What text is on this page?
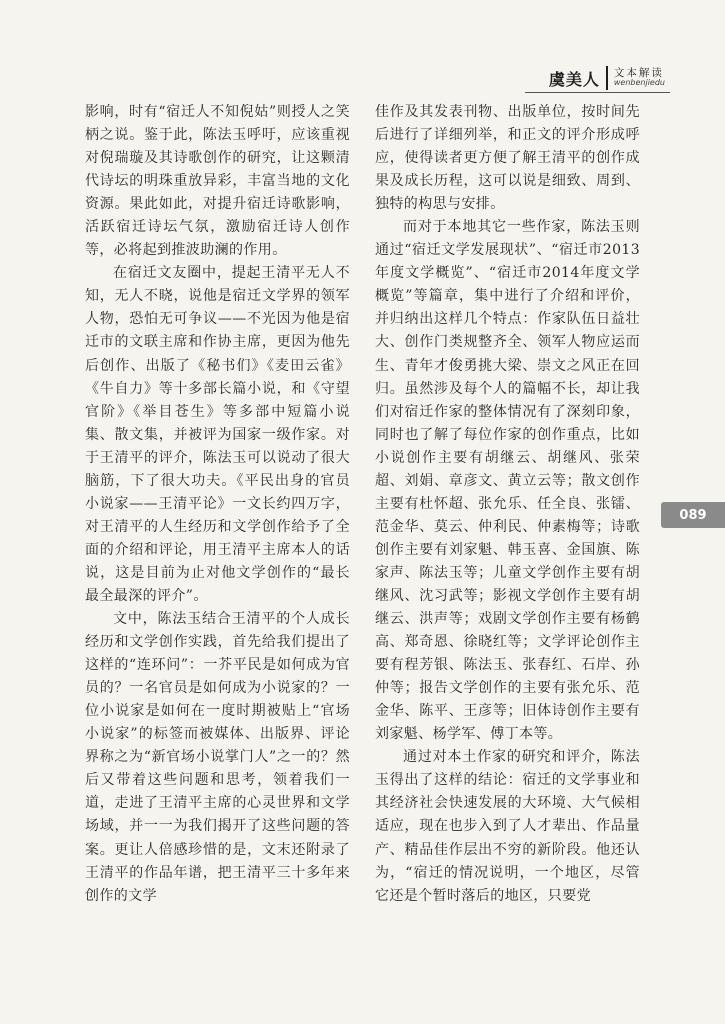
虞美人 文本解读
wenbenjiedu

影响，时有“宿迁人不知倪姑”则授人之笑柄之说。鉴于此，陈法玉呼吁，应该重视对倪瑞璇及其诗歌创作的研究，让这颗清代诗坛的明珠重放异彩，丰富当地的文化资源。果此如此，对提升宿迁诗歌影响，活跃宿迁诗坛气氛，激励宿迁诗人创作等，必将起到推波助澜的作用。

在宿迁文友圈中，提起王清平无人不知，无人不晓，说他是宿迁文学界的领军人物，恐怕无可争议——不光因为他是宿迁市的文联主席和作协主席，更因为他先后创作、出版了《秘书们》《麦田云雀》《牛自力》等十多部长篇小说，和《守望官阶》《举目苍生》等多部中短篇小说集、散文集，并被评为国家一级作家。对于王清平的评介，陈法玉可以说动了很大脑筋，下了很大功夫。《平民出身的官员小说家——王清平论》一文长约四万字，对王清平的人生经历和文学创作给予了全面的介绍和评论，用王清平主席本人的话说，这是目前为止对他文学创作的“最长最全最深的评介”。

文中，陈法玉结合王清平的个人成长经历和文学创作实践，首先给我们提出了这样的“连环问”：一芥平民是如何成为官员的？一名官员是如何成为小说家的？一位小说家是如何在一度时期被贴上“官场小说家”的标签而被媒体、出版界、评论界称之为“新官场小说掌门人”之一的？然后又带着这些问题和思考，领着我们一道，走进了王清平主席的心灵世界和文学场域，并一一为我们揭开了这些问题的答案。更让人倍感珍惜的是，文末还附录了王清平的作品年谱，把王清平三十多年来创作的文学

佳作及其发表刊物、出版单位，按时间先后进行了详细列举，和正文的评介形成呼应，使得读者更方便了解王清平的创作成果及成长历程，这可以说是细致、周到、独特的构思与安排。

而对于本地其它一些作家，陈法玉则通过“宿迁文学发展现状”、“宿迁市2013年度文学概览”、“宿迁市2014年度文学概览”等篇章，集中进行了介绍和评价，并归纳出这样几个特点：作家队伍日益壮大、创作门类规整齐全、领军人物应运而生、青年才俊勇挑大梁、崇文之风正在回归。虽然涉及每个人的篇幅不长，却让我们对宿迁作家的整体情况有了深刻印象，同时也了解了每位作家的创作重点，比如小说创作主要有胡继云、胡继风、张荣超、刘娟、章彦文、黄立云等；散文创作主要有杜怀超、张允乐、任全良、张镭、范金华、莫云、仲利民、仲素梅等；诗歌创作主要有刘家魁、韩玉喜、金国旗、陈家声、陈法玉等；儿童文学创作主要有胡继风、沈习武等；影视文学创作主要有胡继云、洪声等；戏剧文学创作主要有杨鹤高、郑奇恩、徐晓红等；文学评论创作主要有程芳银、陈法玉、张春红、石岸、孙仲等；报告文学创作的主要有张允乐、范金华、陈平、王彦等；旧体诗创作主要有刘家魁、杨学军、傅丁本等。

通过对本土作家的研究和评介，陈法玉得出了这样的结论：宿迁的文学事业和其经济社会快速发展的大环境、大气候相适应，现在也步入到了人才辈出、作品量产、精品佳作层出不穷的新阶段。他还认为，“宿迁的情况说明，一个地区，尽管它还是个暂时落后的地区，只要党

089
